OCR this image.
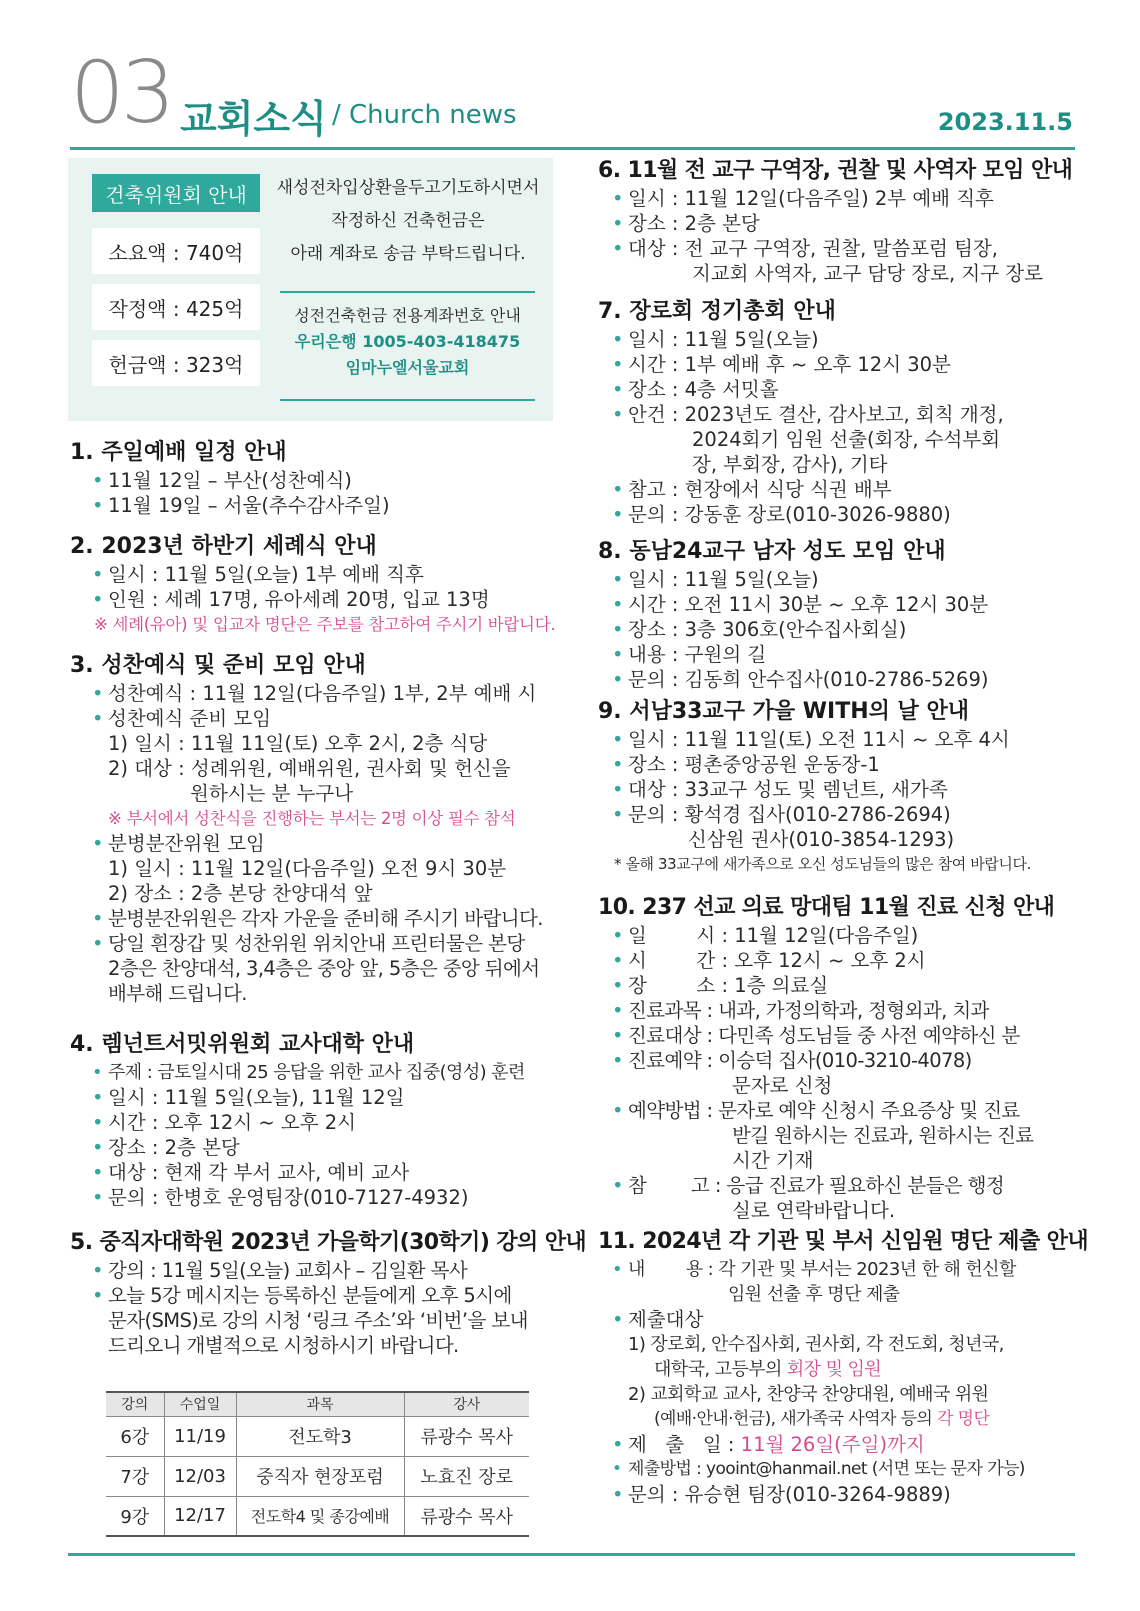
03 교회소식 / Church news	2023.11.5
건축위원회 안내
소요액 : 740억
작정액 : 425억
헌금액 : 323억
새성전차입상환을두고기도하시면서
작정하신 건축헌금은
아래 계좌로 송금 부탁드립니다.
성전건축헌금 전용계좌번호 안내
우리은행 1005-403-418475
임마누엘서울교회
1. 주일예배 일정 안내
• 11월 12일 – 부산(성찬예식)
• 11월 19일 – 서울(추수감사주일)
2. 2023년 하반기 세례식 안내
• 일시 : 11월 5일(오늘) 1부 예배 직후
• 인원 : 세례 17명, 유아세례 20명, 입교 13명
※ 세례(유아) 및 입교자 명단은 주보를 참고하여 주시기 바랍니다.
3. 성찬예식 및 준비 모임 안내
• 성찬예식 : 11월 12일(다음주일) 1부, 2부 예배 시
• 성찬예식 준비 모임
1) 일시 : 11월 11일(토) 오후 2시, 2층 식당
2) 대상 : 성례위원, 예배위원, 권사회 및 헌신을
원하시는 분 누구나
※ 부서에서 성찬식을 진행하는 부서는 2명 이상 필수 참석
• 분병분잔위원 모임
1) 일시 : 11월 12일(다음주일) 오전 9시 30분
2) 장소 : 2층 본당 찬양대석 앞
• 분병분잔위원은 각자 가운을 준비해 주시기 바랍니다.
• 당일 흰장갑 및 성찬위원 위치안내 프린터물은 본당
2층은 찬양대석, 3,4층은 중앙 앞, 5층은 중앙 뒤에서
배부해 드립니다.
4. 렘넌트서밋위원회 교사대학 안내
• 주제 : 금토일시대 25 응답을 위한 교사 집중(영성) 훈련
• 일시 : 11월 5일(오늘), 11월 12일
• 시간 : 오후 12시 ~ 오후 2시
• 장소 : 2층 본당
• 대상 : 현재 각 부서 교사, 예비 교사
• 문의 : 한병호 운영팀장(010-7127-4932)
5. 중직자대학원 2023년 가을학기(30학기) 강의 안내
• 강의 : 11월 5일(오늘) 교회사 – 김일환 목사
• 오늘 5강 메시지는 등록하신 분들에게 오후 5시에
문자(SMS)로 강의 시청 ‘링크 주소’와 ‘비번’을 보내
드리오니 개별적으로 시청하시기 바랍니다.
강의	수업일	과목	강사
6강	11/19	전도학3	류광수 목사
7강	12/03	중직자 현장포럼	노효진 장로
9강	12/17	전도학4 및 종강예배	류광수 목사
6. 11월 전 교구 구역장, 권찰 및 사역자 모임 안내
• 일시 : 11월 12일(다음주일) 2부 예배 직후
• 장소 : 2층 본당
• 대상 : 전 교구 구역장, 권찰, 말씀포럼 팀장,
지교회 사역자, 교구 담당 장로, 지구 장로
7. 장로회 정기총회 안내
• 일시 : 11월 5일(오늘)
• 시간 : 1부 예배 후 ~ 오후 12시 30분
• 장소 : 4층 서밋홀
• 안건 : 2023년도 결산, 감사보고, 회칙 개정,
2024회기 임원 선출(회장, 수석부회
장, 부회장, 감사), 기타
• 참고 : 현장에서 식당 식권 배부
• 문의 : 강동훈 장로(010-3026-9880)
8. 동남24교구 남자 성도 모임 안내
• 일시 : 11월 5일(오늘)
• 시간 : 오전 11시 30분 ~ 오후 12시 30분
• 장소 : 3층 306호(안수집사회실)
• 내용 : 구원의 길
• 문의 : 김동희 안수집사(010-2786-5269)
9. 서남33교구 가을 WITH의 날 안내
• 일시 : 11월 11일(토) 오전 11시 ~ 오후 4시
• 장소 : 평촌중앙공원 운동장-1
• 대상 : 33교구 성도 및 렘넌트, 새가족
• 문의 : 황석경 집사(010-2786-2694)
신삼원 권사(010-3854-1293)
* 올해 33교구에 새가족으로 오신 성도님들의 많은 참여 바랍니다.
10. 237 선교 의료 망대팀 11월 진료 신청 안내
• 일        시 : 11월 12일(다음주일)
• 시        간 : 오후 12시 ~ 오후 2시
• 장        소 : 1층 의료실
• 진료과목 : 내과, 가정의학과, 정형외과, 치과
• 진료대상 : 다민족 성도님들 중 사전 예약하신 분
• 진료예약 : 이승덕 집사(010-3210-4078)
문자로 신청
• 예약방법 : 문자로 예약 신청시 주요증상 및 진료
받길 원하시는 진료과, 원하시는 진료
시간 기재
• 참        고 : 응급 진료가 필요하신 분들은 행정
실로 연락바랍니다.
11. 2024년 각 기관 및 부서 신임원 명단 제출 안내
• 내        용 : 각 기관 및 부서는 2023년 한 해 헌신할
임원 선출 후 명단 제출
• 제출대상
1) 장로회, 안수집사회, 권사회, 각 전도회, 청년국,
대학국, 고등부의 회장 및 임원
2) 교회학교 교사, 찬양국 찬양대원, 예배국 위원
(예배·안내·헌금), 새가족국 사역자 등의 각 명단
• 제   출   일 : 11월 26일(주일)까지
• 제출방법 : yooint@hanmail.net (서면 또는 문자 가능)
• 문의 : 유승현 팀장(010-3264-9889)
